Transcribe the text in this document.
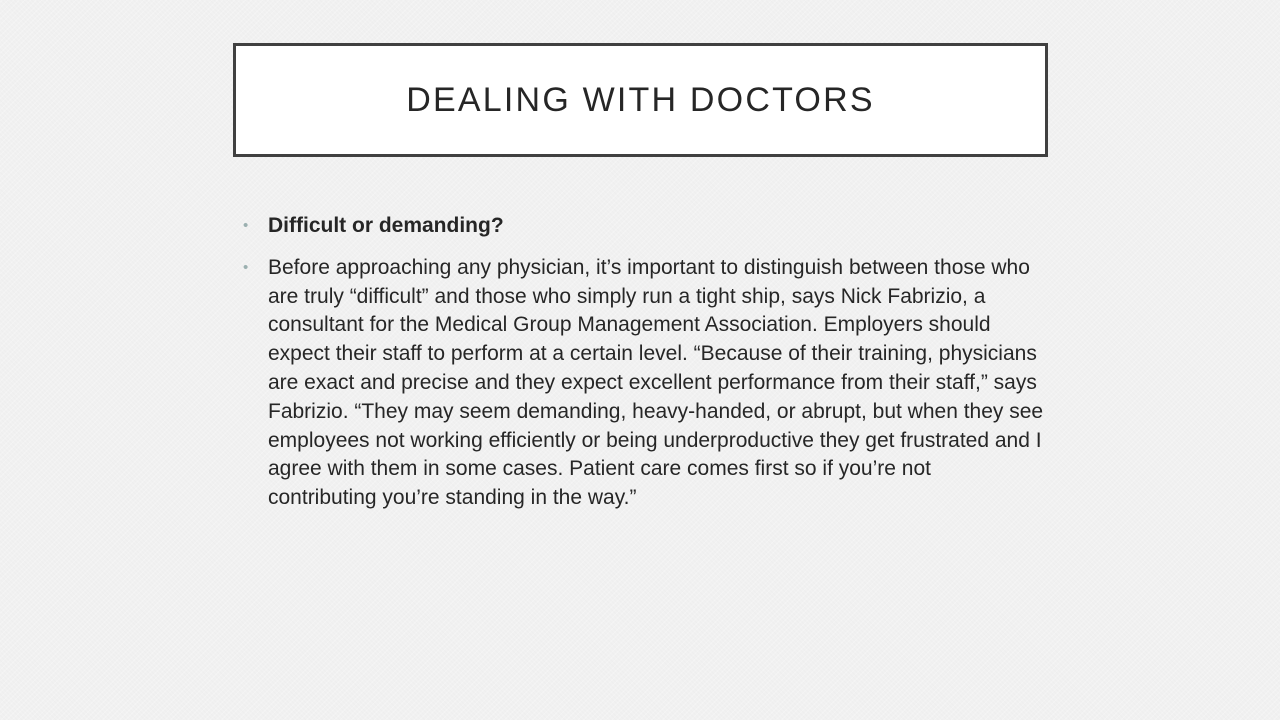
DEALING WITH DOCTORS
• Difficult or demanding?
• Before approaching any physician, it’s important to distinguish between those who are truly “difficult” and those who simply run a tight ship, says Nick Fabrizio, a consultant for the Medical Group Management Association. Employers should expect their staff to perform at a certain level. “Because of their training, physicians are exact and precise and they expect excellent performance from their staff,” says Fabrizio. “They may seem demanding, heavy-handed, or abrupt, but when they see employees not working efficiently or being underproductive they get frustrated and I agree with them in some cases. Patient care comes first so if you’re not contributing you’re standing in the way.”
